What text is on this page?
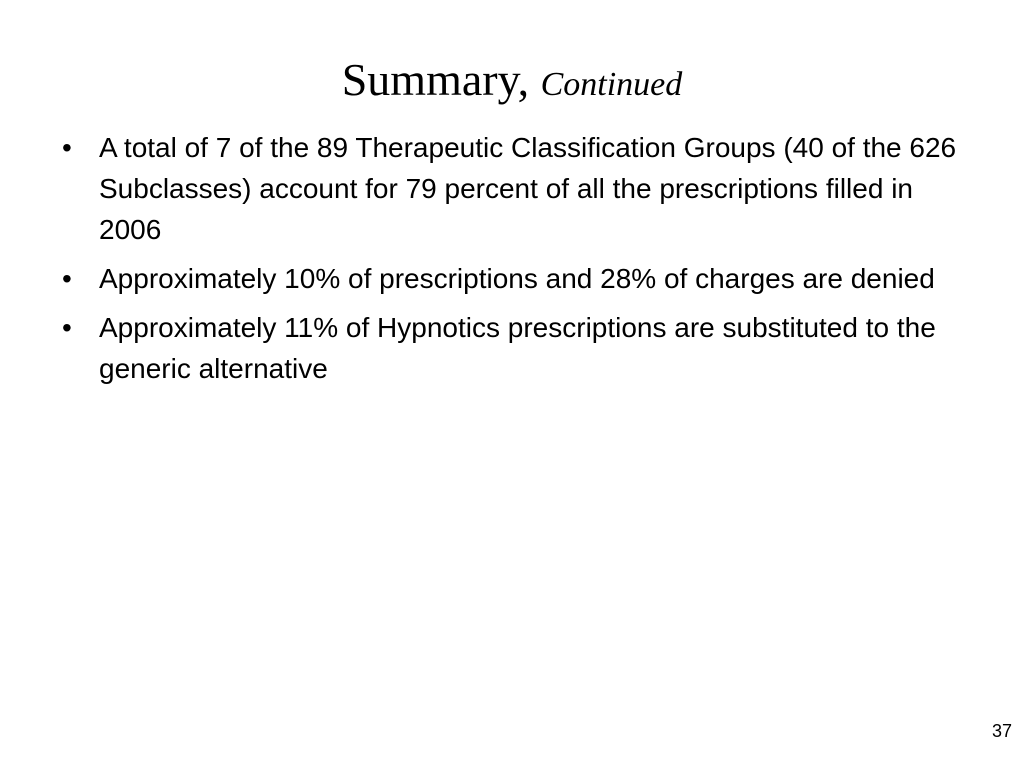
Summary, Continued
• A total of 7 of the 89 Therapeutic Classification Groups (40 of the 626 Subclasses) account for 79 percent of all the prescriptions filled in 2006
• Approximately 10% of prescriptions and 28% of charges are denied
• Approximately 11% of Hypnotics prescriptions are substituted to the generic alternative
37
